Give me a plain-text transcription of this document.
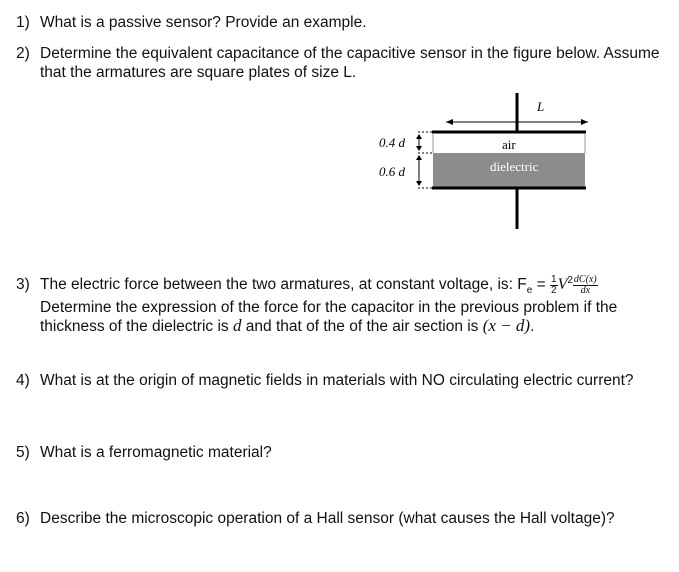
1) What is a passive sensor? Provide an example.

2) Determine the equivalent capacitance of the capacitive sensor in the figure below. Assume

that the armatures are square plates of size L.
L
air
dielectric
0.4 d
0.6 d

3) The electric force between the two armatures, at constant voltage, is: $F_e = \frac{1}{2} V^2 \frac{dC(x)}{dx}$

Determine the expression of the force for the capacitor in the previous problem if the
thickness of the dielectric is d and that of the of the air section is (x − d).

4) What is at the origin of magnetic fields in materials with NO circulating electric current?

5) What is a ferromagnetic material?

6) Describe the microscopic operation of a Hall sensor (what causes the Hall voltage)?
